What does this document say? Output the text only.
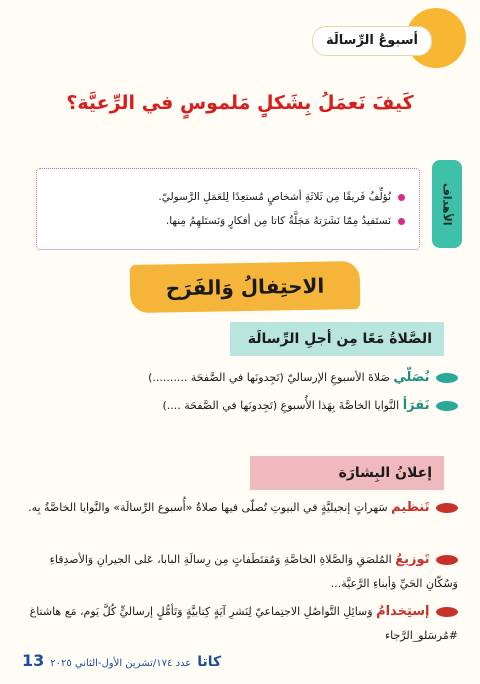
أسبوعُ الرِّسالَة
كَيفَ نَعمَلُ بِشَكلٍ مَلموسٍ في الرِّعيَّة؟
نُؤلِّفُ فَريقًا مِن ثَلاثَةِ أشخاصٍ مُستعِدًا لِلعَمَلِ الرَّسوليّ.
نَستَفيدُ مِمّا نَشَرَتهُ مَجَلَّةُ كاتا مِن أفكارٍ وَنَستَلهِمُ مِنها.	الأهداف
الاحتِفالُ وَالفَرَح
الصَّلاةُ مَعًا مِن أجلِ الرِّسالَة
نُصَلّي صَلاةَ الأسبوعِ الإرساليّ (تَجِدونَها في الصَّفحَة ..........)
نَقرَأ النَّوايا الخاصَّةَ بِهَذا الأُسبوعِ (تَجِدونَها في الصَّفحَة ....)
إعلانُ البِشارَة
تَنظيم سَهراتٍ إنجيليَّةٍ في البيوتِ تُصلّى فيها صلاةُ «أُسبوع الرِّسالَة» والنَّوايا الخاصَّةُ بِه.
تَوزيعُ المُلصَقِ وَالصَّلاةِ الخاصَّةِ وَمُقتَطَفاتٍ مِن رِسالَةِ البابا، عَلى الجيرانِ وَالأصدِقاءِ وَسُكّانِ الحَيِّ وَأبناءِ الرَّعيَّة...
إستِخدامُ وَسائِلِ التَّواصُلِ الاجتِماعيّ لِنَشرِ آيَةٍ كِتابيَّةٍ وَتَأمُّلٍ إرساليٍّ كُلَّ يَوم، مَع هاشتاغ #مُرسَلو_الرَّجاء
13 عدد ١٧٤/تشرين الأول-الثاني ٢٠٢٥ كاتا
